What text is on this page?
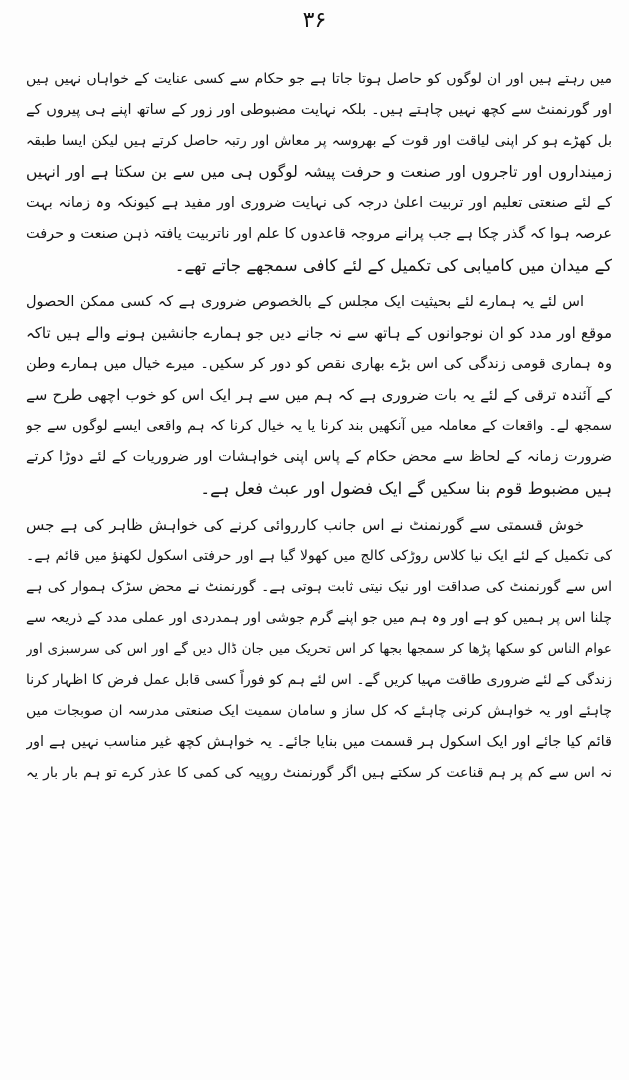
۳۶
میں رہتے ہیں اور ان لوگوں کو حاصل ہوتا جاتا ہے جو حکام سے کسی عنایت کے خواہاں نہیں ہیں
اور گورنمنٹ سے کچھ نہیں چاہتے ہیں۔ بلکہ نہایت مضبوطی اور زور کے ساتھ اپنے ہی پیروں کے
بل کھڑے ہو کر اپنی لیاقت اور قوت کے بھروسہ پر معاش اور رتبہ حاصل کرتے ہیں لیکن ایسا طبقہ
زمینداروں اور تاجروں اور صنعت و حرفت پیشہ لوگوں ہی میں سے بن سکتا ہے اور انہیں
کے لئے صنعتی تعلیم اور تربیت اعلیٰ درجہ کی نہایت ضروری اور مفید ہے کیونکہ وہ زمانہ بہت
عرصہ ہوا کہ گذر چکا ہے جب پرانے مروجہ قاعدوں کا علم اور ناتربیت یافتہ ذہن صنعت و حرفت
کے میدان میں کامیابی کی تکمیل کے لئے کافی سمجھے جاتے تھے۔
اس لئے یہ ہمارے لئے بحیثیت ایک مجلس کے بالخصوص ضروری ہے کہ کسی ممکن الحصول
موقع اور مدد کو ان نوجوانوں کے ہاتھ سے نہ جانے دیں جو ہمارے جانشین ہونے والے ہیں تاکہ
وہ ہماری قومی زندگی کی اس بڑے بھاری نقص کو دور کر سکیں۔ میرے خیال میں ہمارے وطن
کے آئندہ ترقی کے لئے یہ بات ضروری ہے کہ ہم میں سے ہر ایک اس کو خوب اچھی طرح سے
سمجھ لے۔ واقعات کے معاملہ میں آنکھیں بند کرنا یا یہ خیال کرنا کہ ہم واقعی ایسے لوگوں سے جو
ضرورت زمانہ کے لحاظ سے محض حکام کے پاس اپنی خواہشات اور ضروریات کے لئے دوڑا کرتے
ہیں مضبوط قوم بنا سکیں گے ایک فضول اور عبث فعل ہے۔
خوش قسمتی سے گورنمنٹ نے اس جانب کارروائی کرنے کی خواہش ظاہر کی ہے جس
کی تکمیل کے لئے ایک نیا کلاس روڑکی کالج میں کھولا گیا ہے اور حرفتی اسکول لکھنؤ میں قائم ہے۔
اس سے گورنمنٹ کی صداقت اور نیک نیتی ثابت ہوتی ہے۔ گورنمنٹ نے محض سڑک ہموار کی ہے
چلنا اس پر ہمیں کو ہے اور وہ ہم میں جو اپنے گرم جوشی اور ہمدردی اور عملی مدد کے ذریعہ سے
عوام الناس کو سکھا پڑھا کر سمجھا بجھا کر اس تحریک میں جان ڈال دیں گے اور اس کی سرسبزی اور
زندگی کے لئے ضروری طاقت مہیا کریں گے۔ اس لئے ہم کو فوراً کسی قابل عمل فرض کا اظہار کرنا
چاہئے اور یہ خواہش کرنی چاہئے کہ کل ساز و سامان سمیت ایک صنعتی مدرسہ ان صوبجات میں
قائم کیا جائے اور ایک اسکول ہر قسمت میں بنایا جائے۔ یہ خواہش کچھ غیر مناسب نہیں ہے اور
نہ اس سے کم پر ہم قناعت کر سکتے ہیں اگر گورنمنٹ روپیہ کی کمی کا عذر کرے تو ہم بار بار یہ
